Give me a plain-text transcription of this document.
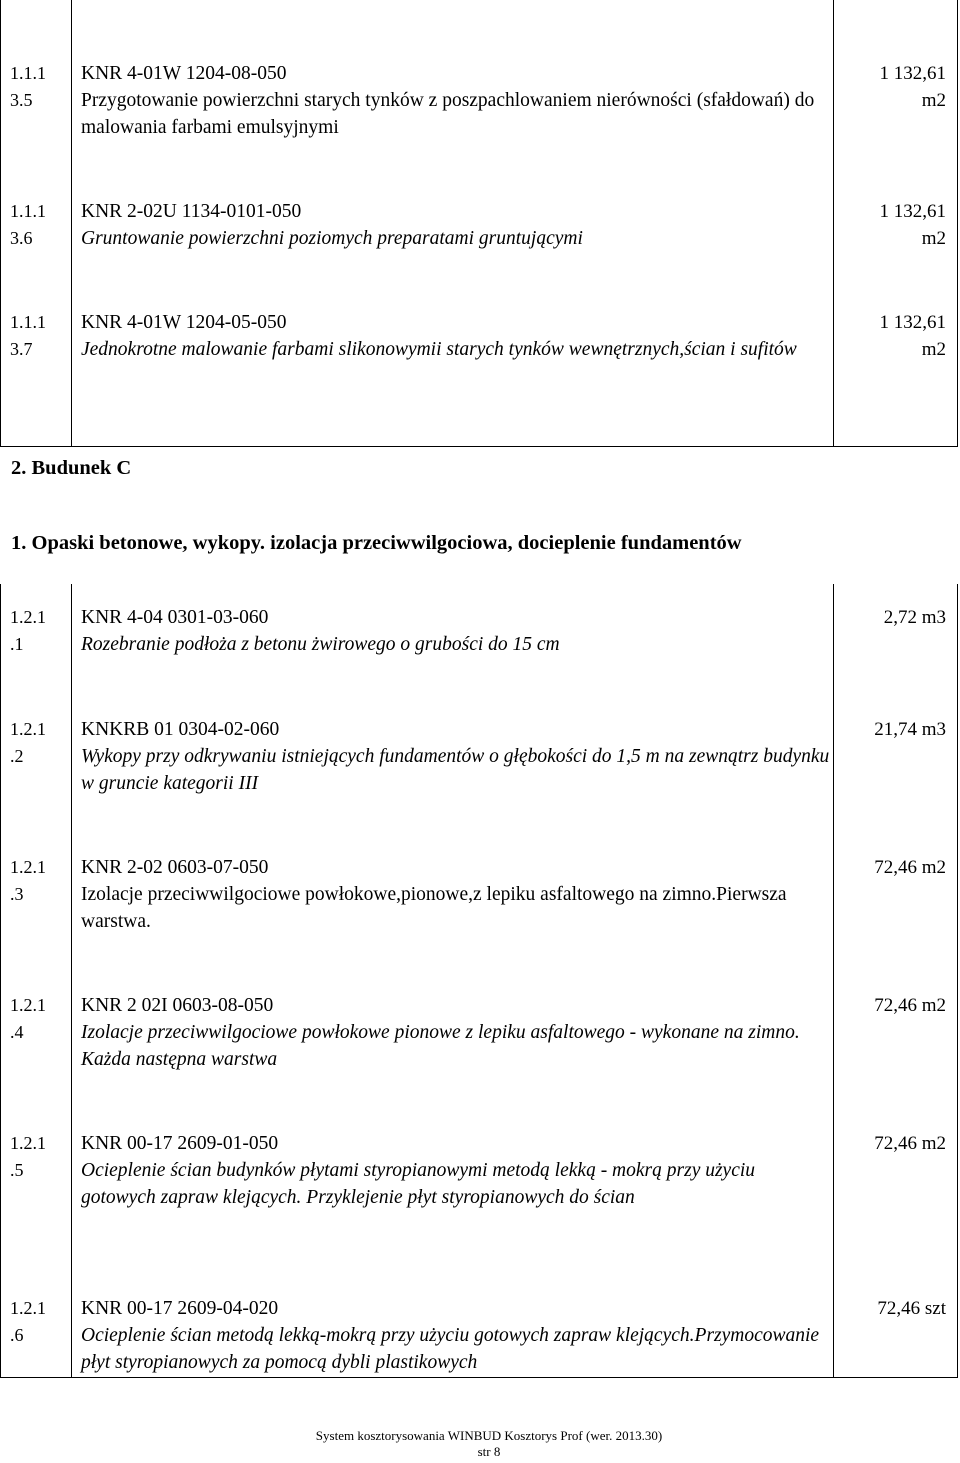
1.1.1
3.5
KNR 4-01W 1204-08-050
Przygotowanie powierzchni starych tynków z poszpachlowaniem nierówności (sfałdowań) do malowania farbami emulsyjnymi
1 132,61
m2
1.1.1
3.6
KNR 2-02U 1134-0101-050
Gruntowanie powierzchni poziomych preparatami gruntującymi
1 132,61
m2
1.1.1
3.7
KNR 4-01W 1204-05-050
Jednokrotne malowanie farbami slikonowymii starych tynków wewnętrznych,ścian i sufitów
1 132,61
m2
2. Budunek C
1. Opaski betonowe, wykopy. izolacja przeciwwilgociowa, docieplenie fundamentów
1.2.1
.1
KNR 4-04 0301-03-060
Rozebranie podłoża z betonu żwirowego o grubości do 15 cm
2,72 m3
1.2.1
.2
KNKRB 01 0304-02-060
Wykopy przy odkrywaniu istniejących fundamentów o głębokości do 1,5 m na zewnątrz budynku w gruncie kategorii III
21,74 m3
1.2.1
.3
KNR 2-02 0603-07-050
Izolacje przeciwwilgociowe powłokowe,pionowe,z lepiku asfaltowego na zimno.Pierwsza warstwa.
72,46 m2
1.2.1
.4
KNR 2 02I 0603-08-050
Izolacje przeciwwilgociowe powłokowe pionowe z lepiku asfaltowego - wykonane na zimno. Każda następna warstwa
72,46 m2
1.2.1
.5
KNR 00-17 2609-01-050
Ocieplenie ścian budynków płytami styropianowymi metodą lekką - mokrą przy użyciu gotowych zapraw klejących. Przyklejenie płyt styropianowych do ścian
72,46 m2
1.2.1
.6
KNR 00-17 2609-04-020
Ocieplenie ścian metodą lekką-mokrą przy użyciu gotowych zapraw klejących.Przymocowanie płyt styropianowych za pomocą dybli plastikowych
72,46 szt
System kosztorysowania WINBUD Kosztorys Prof (wer. 2013.30)
str 8
